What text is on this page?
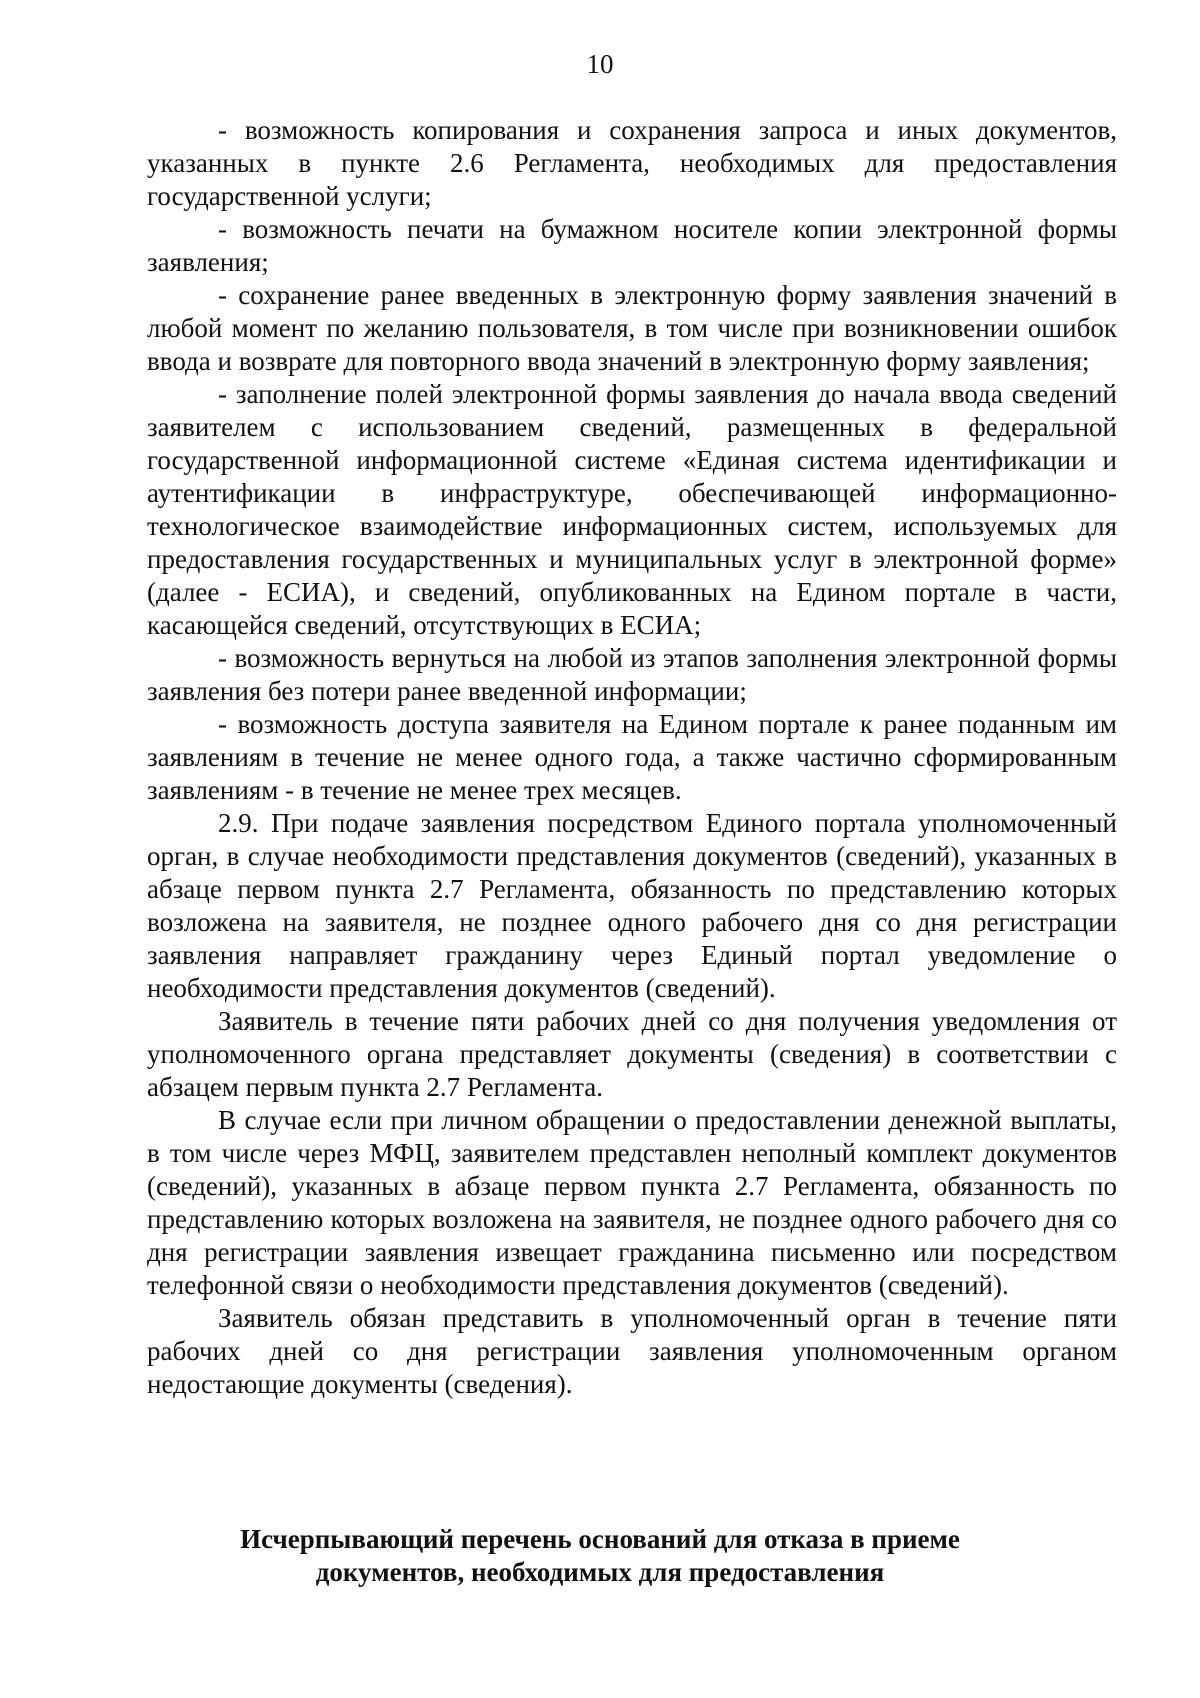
10

- возможность копирования и сохранения запроса и иных документов, указанных в пункте 2.6 Регламента, необходимых для предоставления государственной услуги;

- возможность печати на бумажном носителе копии электронной формы заявления;

- сохранение ранее введенных в электронную форму заявления значений в любой момент по желанию пользователя, в том числе при возникновении ошибок ввода и возврате для повторного ввода значений в электронную форму заявления;

- заполнение полей электронной формы заявления до начала ввода сведений заявителем с использованием сведений, размещенных в федеральной государственной информационной системе «Единая система идентификации и аутентификации в инфраструктуре, обеспечивающей информационно-технологическое взаимодействие информационных систем, используемых для предоставления государственных и муниципальных услуг в электронной форме» (далее - ЕСИА), и сведений, опубликованных на Едином портале в части, касающейся сведений, отсутствующих в ЕСИА;

- возможность вернуться на любой из этапов заполнения электронной формы заявления без потери ранее введенной информации;

- возможность доступа заявителя на Едином портале к ранее поданным им заявлениям в течение не менее одного года, а также частично сформированным заявлениям - в течение не менее трех месяцев.

2.9. При подаче заявления посредством Единого портала уполномоченный орган, в случае необходимости представления документов (сведений), указанных в абзаце первом пункта 2.7 Регламента, обязанность по представлению которых возложена на заявителя, не позднее одного рабочего дня со дня регистрации заявления направляет гражданину через Единый портал уведомление о необходимости представления документов (сведений).

Заявитель в течение пяти рабочих дней со дня получения уведомления от уполномоченного органа представляет документы (сведения) в соответствии с абзацем первым пункта 2.7 Регламента.

В случае если при личном обращении о предоставлении денежной выплаты, в том числе через МФЦ, заявителем представлен неполный комплект документов (сведений), указанных в абзаце первом пункта 2.7 Регламента, обязанность по представлению которых возложена на заявителя, не позднее одного рабочего дня со дня регистрации заявления извещает гражданина письменно или посредством телефонной связи о необходимости представления документов (сведений).

Заявитель обязан представить в уполномоченный орган в течение пяти рабочих дней со дня регистрации заявления уполномоченным органом недостающие документы (сведения).

Исчерпывающий перечень оснований для отказа в приеме
документов, необходимых для предоставления
